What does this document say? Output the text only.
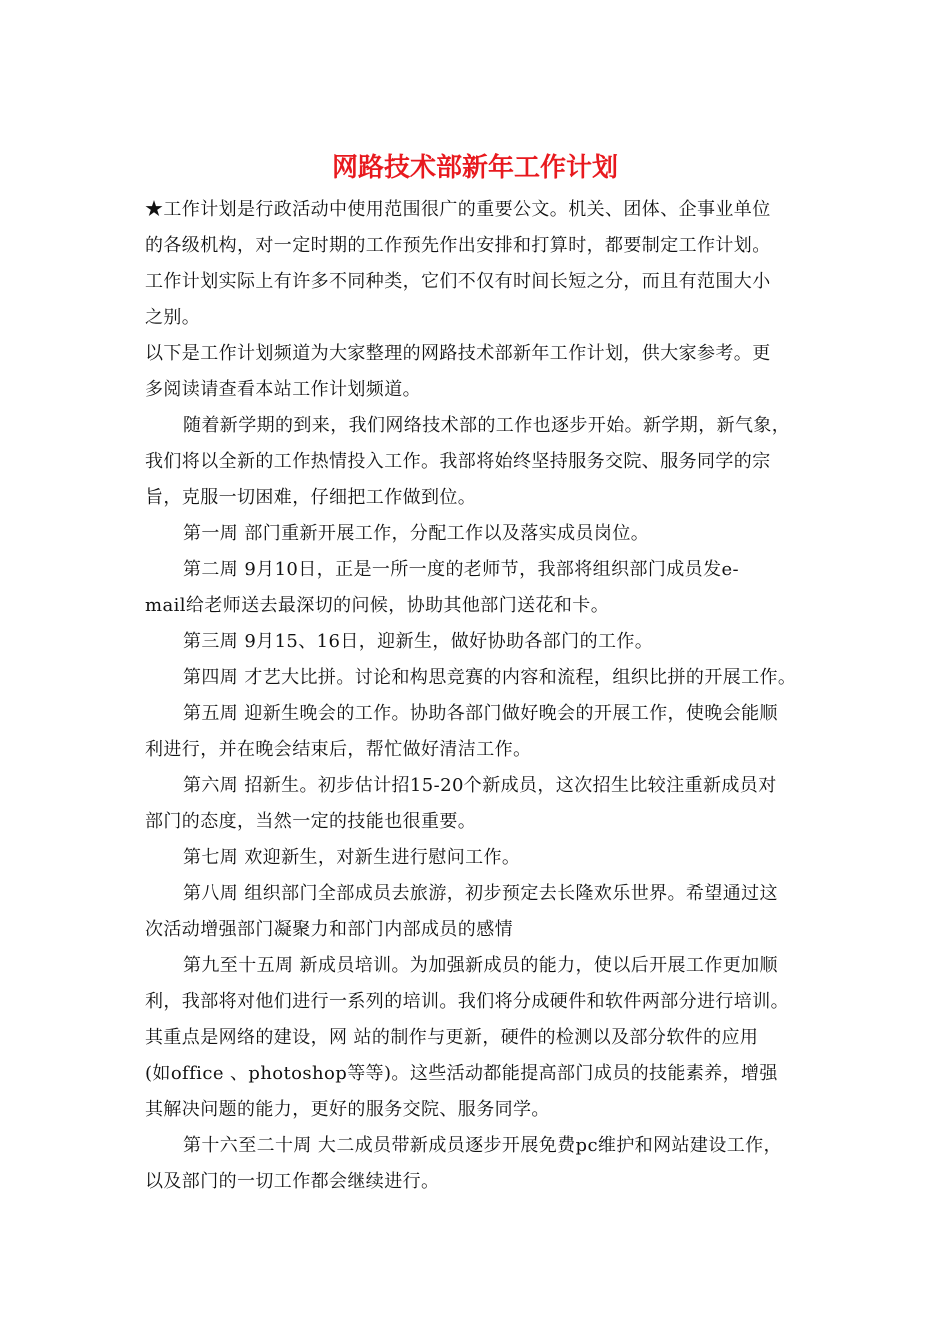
网路技术部新年工作计划

★工作计划是行政活动中使用范围很广的重要公文。机关、团体、企事业单位

的各级机构，对一定时期的工作预先作出安排和打算时，都要制定工作计划。

工作计划实际上有许多不同种类，它们不仅有时间长短之分，而且有范围大小

之别。

以下是工作计划频道为大家整理的网路技术部新年工作计划，供大家参考。更

多阅读请查看本站工作计划频道。

随着新学期的到来，我们网络技术部的工作也逐步开始。新学期，新气象，

我们将以全新的工作热情投入工作。我部将始终坚持服务交院、服务同学的宗

旨，克服一切困难，仔细把工作做到位。

第一周 部门重新开展工作，分配工作以及落实成员岗位。

第二周 9月10日，正是一所一度的老师节，我部将组织部门成员发e-

mail给老师送去最深切的问候，协助其他部门送花和卡。

第三周 9月15、16日，迎新生，做好协助各部门的工作。

第四周 才艺大比拼。讨论和构思竞赛的内容和流程，组织比拼的开展工作。

第五周 迎新生晚会的工作。协助各部门做好晚会的开展工作，使晚会能顺

利进行，并在晚会结束后，帮忙做好清洁工作。

第六周 招新生。初步估计招15-20个新成员，这次招生比较注重新成员对

部门的态度，当然一定的技能也很重要。

第七周 欢迎新生，对新生进行慰问工作。

第八周 组织部门全部成员去旅游，初步预定去长隆欢乐世界。希望通过这

次活动增强部门凝聚力和部门内部成员的感情

第九至十五周 新成员培训。为加强新成员的能力，使以后开展工作更加顺

利，我部将对他们进行一系列的培训。我们将分成硬件和软件两部分进行培训。

其重点是网络的建设，网 站的制作与更新，硬件的检测以及部分软件的应用

(如office 、photoshop等等)。这些活动都能提高部门成员的技能素养，增强

其解决问题的能力，更好的服务交院、服务同学。

第十六至二十周 大二成员带新成员逐步开展免费pc维护和网站建设工作，

以及部门的一切工作都会继续进行。
